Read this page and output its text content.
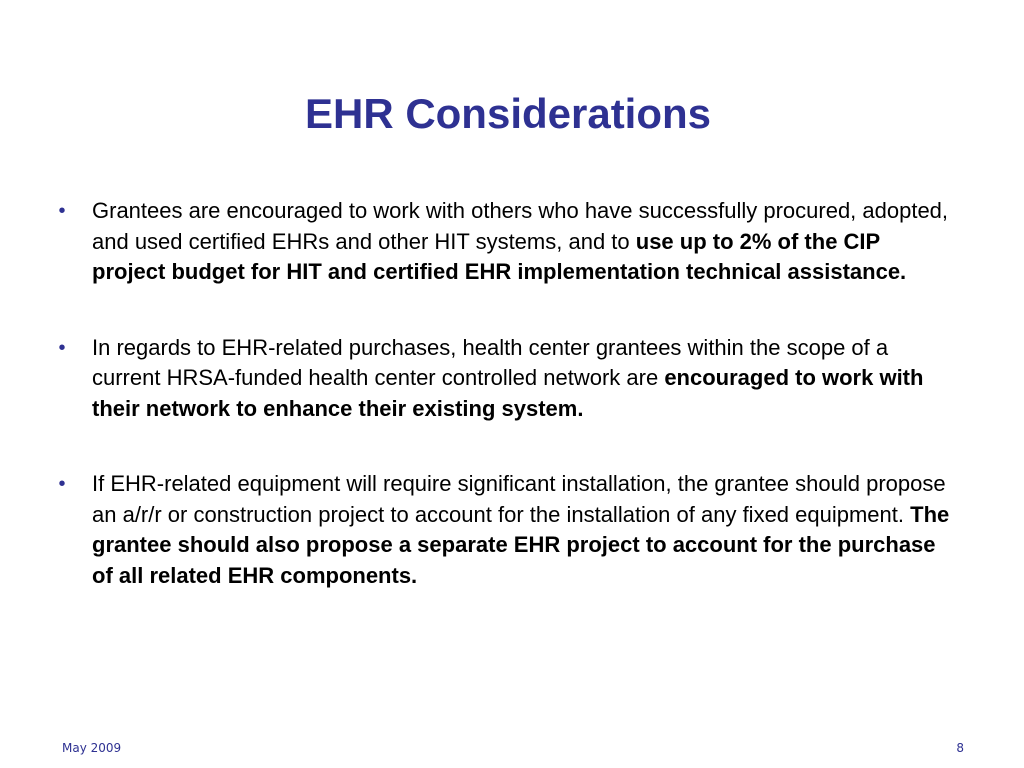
EHR Considerations
• Grantees are encouraged to work with others who have successfully procured, adopted, and used certified EHRs and other HIT systems, and to use up to 2% of the CIP project budget for HIT and certified EHR implementation technical assistance.
• In regards to EHR-related purchases, health center grantees within the scope of a current HRSA-funded health center controlled network are encouraged to work with their network to enhance their existing system.
• If EHR-related equipment will require significant installation, the grantee should propose an a/r/r or construction project to account for the installation of any fixed equipment. The grantee should also propose a separate EHR project to account for the purchase of all related EHR components.
May 2009	8
